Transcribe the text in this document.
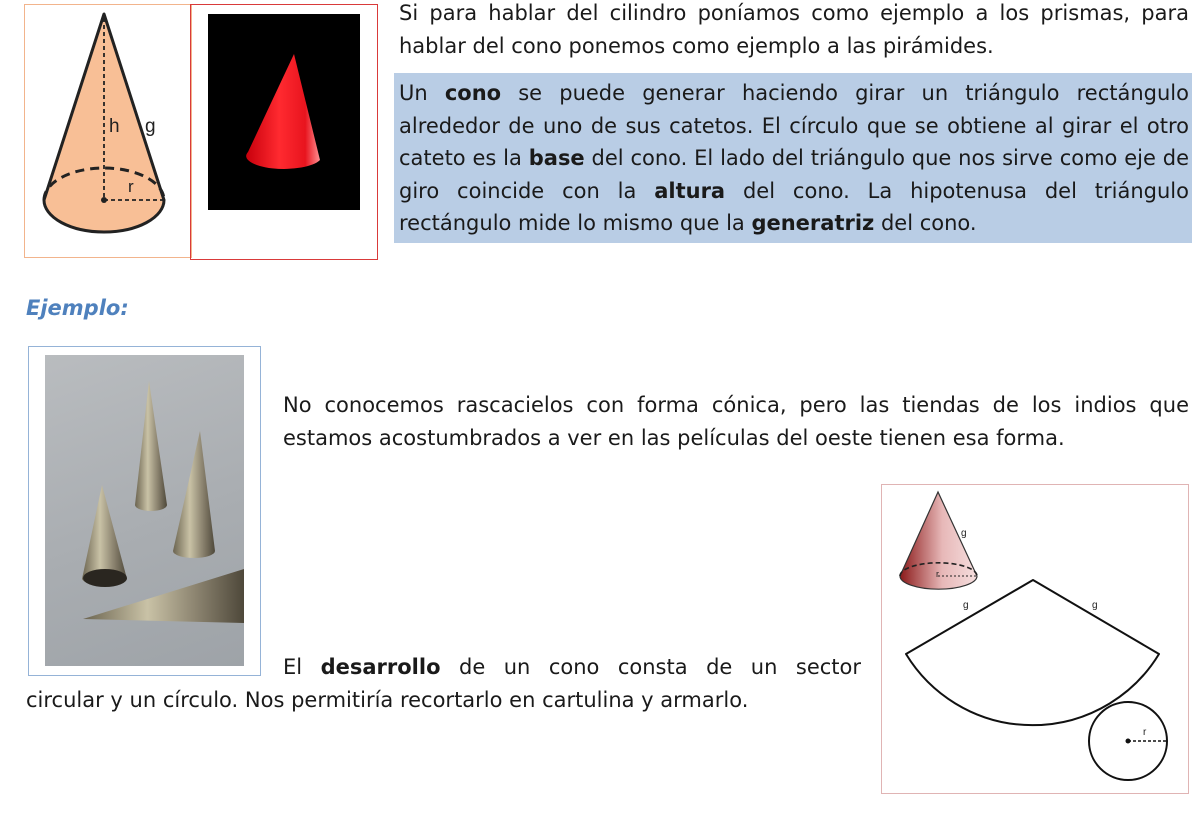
h g
r

Si para hablar del cilindro poníamos como ejemplo a los prismas, para hablar del cono ponemos como ejemplo a las pirámides.

Un cono se puede generar haciendo girar un triángulo rectángulo alrededor de uno de sus catetos. El círculo que se obtiene al girar el otro cateto es la base del cono. El lado del triángulo que nos sirve como eje de giro coincide con la altura del cono. La hipotenusa del triángulo rectángulo mide lo mismo que la generatriz del cono.

Ejemplo:

No conocemos rascacielos con forma cónica, pero las tiendas de los indios que estamos acostumbrados a ver en las películas del oeste tienen esa forma.

El desarrollo de un cono consta de un sector
circular y un círculo. Nos permitiría recortarlo en cartulina y armarlo.
g
r
g	g
r
